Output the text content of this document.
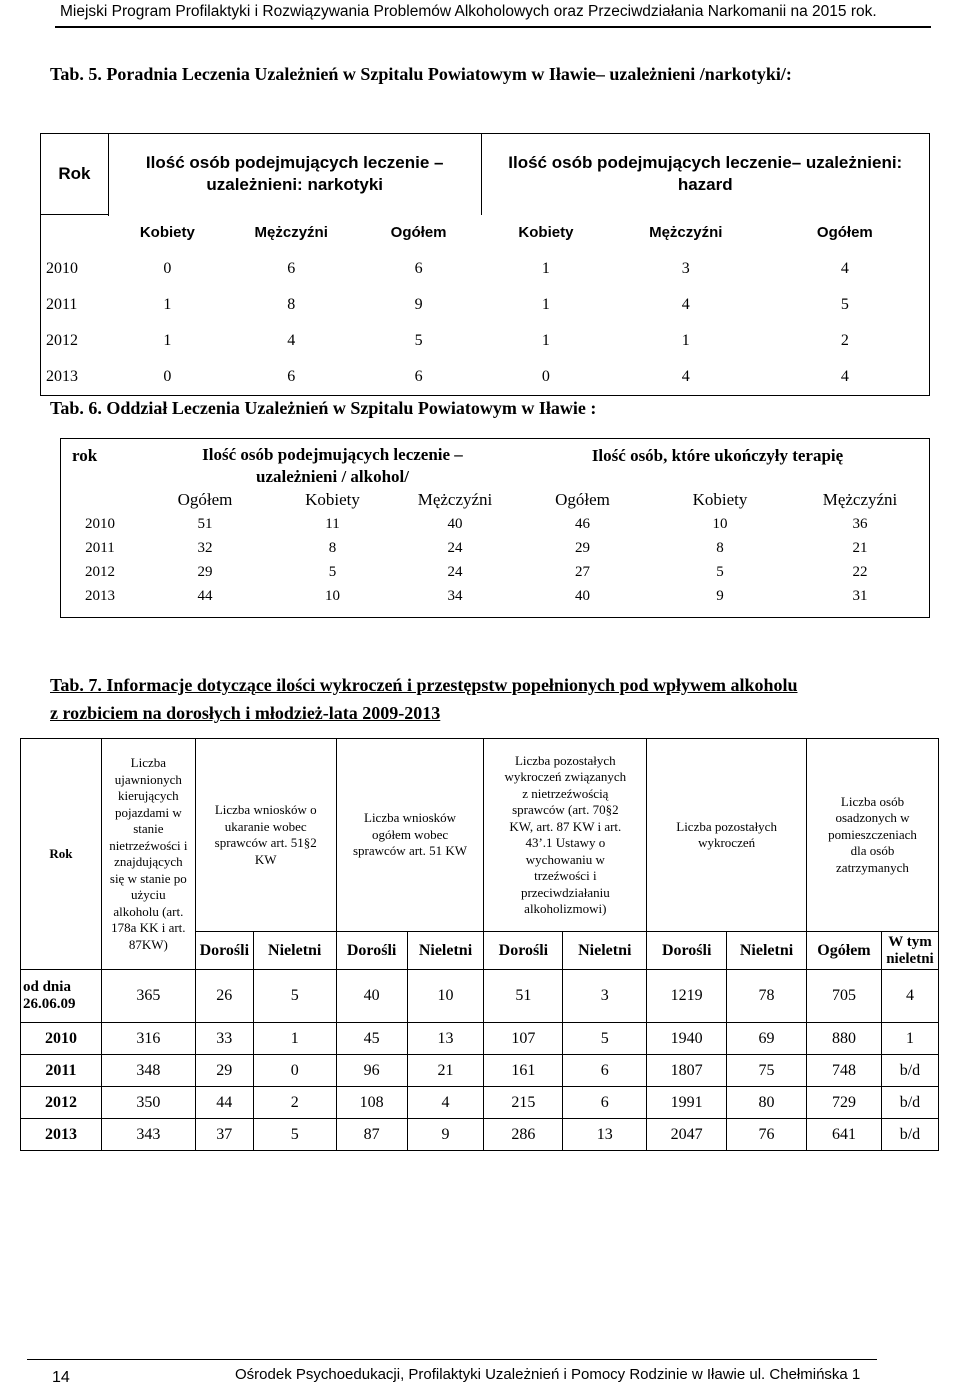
Miejski Program Profilaktyki i Rozwiązywania Problemów Alkoholowych oraz Przeciwdziałania Narkomanii na 2015 rok.
Tab. 5. Poradnia Leczenia Uzależnień w Szpitalu Powiatowym w Iławie– uzależnieni /narkotyki/:
Rok	Ilość osób podejmujących leczenie – uzależnieni: narkotyki			Ilość osób podejmujących leczenie– uzależnieni: hazard		

	Kobiety	Mężczyźni	Ogółem	Kobiety	Mężczyźni	Ogółem
2010	0	6	6	1	3	4
2011	1	8	9	1	4	5
2012	1	4	5	1	1	2
2013	0	6	6	0	4	4
Tab. 6. Oddział Leczenia Uzależnień w Szpitalu Powiatowym w Iławie :
rok	Ilość osób podejmujących leczenie – uzależnieni / alkohol/			Ilość osób, które ukończyły terapię		
	Ogółem	Kobiety	Mężczyźni	Ogółem	Kobiety	Mężczyźni
2010	51	11	40	46	10	36
2011	32	8	24	29	8	21
2012	29	5	24	27	5	22
2013	44	10	34	40	9	31
Tab. 7. Informacje dotyczące ilości wykroczeń i przestępstw popełnionych pod wpływem alkoholu
z rozbiciem na dorosłych i młodzież-lata 2009-2013
Rok	Liczba ujawnionych kierujących pojazdami w stanie nietrzeźwości i znajdujących się w stanie po użyciu alkoholu (art. 178a KK i art. 87KW)	Liczba wniosków o ukaranie wobec sprawców art. 51§2 KW		Liczba wniosków ogółem wobec sprawców art. 51 KW		Liczba pozostałych wykroczeń związanych z nietrzeźwością sprawców (art. 70§2 KW, art. 87 KW i art. 43’.1 Ustawy o wychowaniu w trzeźwości i przeciwdziałaniu alkoholizmowi)		Liczba pozostałych wykroczeń		Liczba osób osadzonych w pomieszczeniach dla osób zatrzymanych	
		Dorośli	Nieletni	Dorośli	Nieletni	Dorośli	Nieletni	Dorośli	Nieletni	Ogółem	W tym nieletni
od dnia 26.06.09	365	26	5	40	10	51	3	1219	78	705	4
2010	316	33	1	45	13	107	5	1940	69	880	1
2011	348	29	0	96	21	161	6	1807	75	748	b/d
2012	350	44	2	108	4	215	6	1991	80	729	b/d
2013	343	37	5	87	9	286	13	2047	76	641	b/d
14	Ośrodek Psychoedukacji, Profilaktyki Uzależnień i Pomocy Rodzinie w Iławie ul. Chełmińska 1
